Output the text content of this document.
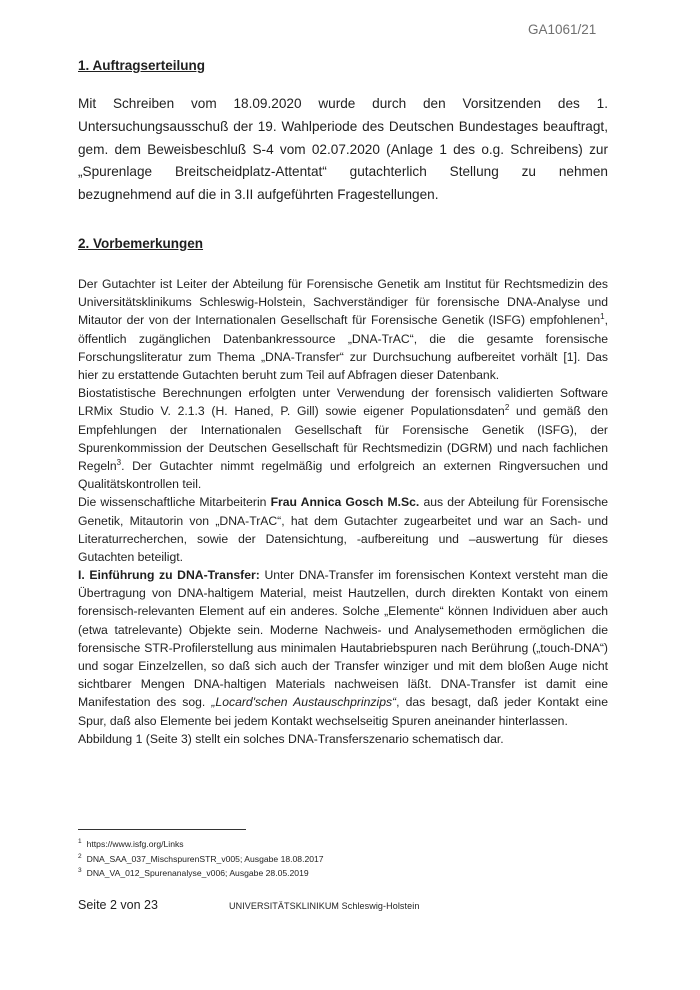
GA1061/21
1. Auftragserteilung

Mit Schreiben vom 18.09.2020 wurde durch den Vorsitzenden des 1. Untersuchungsausschuß der 19. Wahlperiode des Deutschen Bundestages beauftragt, gem. dem Beweisbeschluß S-4 vom 02.07.2020 (Anlage 1 des o.g. Schreibens) zur „Spurenlage Breitscheidplatz-Attentat“ gutachterlich Stellung zu nehmen bezugnehmend auf die in 3.II aufgeführten Fragestellungen.

2. Vorbemerkungen

Der Gutachter ist Leiter der Abteilung für Forensische Genetik am Institut für Rechtsmedizin des Universitätsklinikums Schleswig-Holstein, Sachverständiger für forensische DNA-Analyse und Mitautor der von der Internationalen Gesellschaft für Forensische Genetik (ISFG) empfohlenen$^1$, öffentlich zugänglichen Datenbankressource „DNA-TrAC“, die die gesamte forensische Forschungsliteratur zum Thema „DNA-Transfer“ zur Durchsuchung aufbereitet vorhält [1]. Das hier zu erstattende Gutachten beruht zum Teil auf Abfragen dieser Datenbank.
Biostatistische Berechnungen erfolgten unter Verwendung der forensisch validierten Software LRMix Studio V. 2.1.3 (H. Haned, P. Gill) sowie eigener Populationsdaten$^2$ und gemäß den Empfehlungen der Internationalen Gesellschaft für Forensische Genetik (ISFG), der Spurenkommission der Deutschen Gesellschaft für Rechtsmedizin (DGRM) und nach fachlichen Regeln$^3$. Der Gutachter nimmt regelmäßig und erfolgreich an externen Ringversuchen und Qualitätskontrollen teil.
Die wissenschaftliche Mitarbeiterin Frau Annica Gosch M.Sc. aus der Abteilung für Forensische Genetik, Mitautorin von „DNA-TrAC“, hat dem Gutachter zugearbeitet und war an Sach- und Literaturrecherchen, sowie der Datensichtung, -aufbereitung und –auswertung für dieses Gutachten beteiligt.

I. Einführung zu DNA-Transfer: Unter DNA-Transfer im forensischen Kontext versteht man die Übertragung von DNA-haltigem Material, meist Hautzellen, durch direkten Kontakt von einem forensisch-relevanten Element auf ein anderes. Solche „Elemente“ können Individuen aber auch (etwa tatrelevante) Objekte sein. Moderne Nachweis- und Analysemethoden ermöglichen die forensische STR-Profilerstellung aus minimalen Hautabriebspuren nach Berührung („touch-DNA“) und sogar Einzelzellen, so daß sich auch der Transfer winziger und mit dem bloßen Auge nicht sichtbarer Mengen DNA-haltigen Materials nachweisen läßt. DNA-Transfer ist damit eine Manifestation des sog. „Locard'schen Austauschprinzips“, das besagt, daß jeder Kontakt eine Spur, daß also Elemente bei jedem Kontakt wechselseitig Spuren aneinander hinterlassen.
Abbildung 1 (Seite 3) stellt ein solches DNA-Transferszenario schematisch dar.

$^1$ https://www.isfg.org/Links
$^2$ DNA_SAA_037_MischspurenSTR_v005; Ausgabe 18.08.2017
$^3$ DNA_VA_012_Spurenanalyse_v006; Ausgabe 28.05.2019
Seite 2 von 23	UNIVERSITÄTSKLINIKUM Schleswig-Holstein
